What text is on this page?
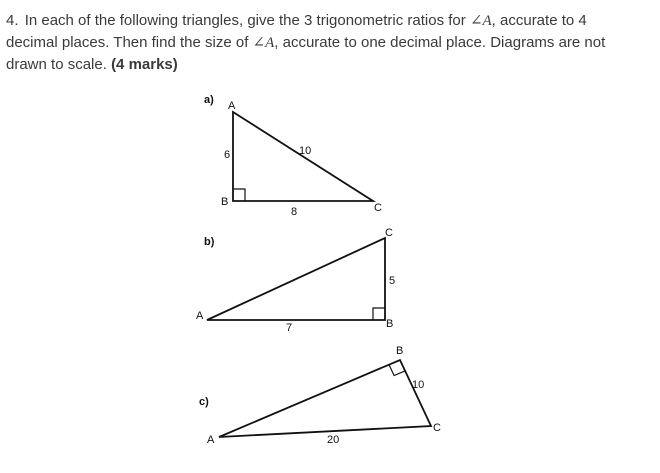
4. In each of the following triangles, give the 3 trigonometric ratios for ∠A, accurate to 4 decimal places. Then find the size of ∠A, accurate to one decimal place. Diagrams are not drawn to scale. (4 marks)
a) A
B	C
6
8
10
b)
A
B
C
5
7
c)
A
B
C
10
20
